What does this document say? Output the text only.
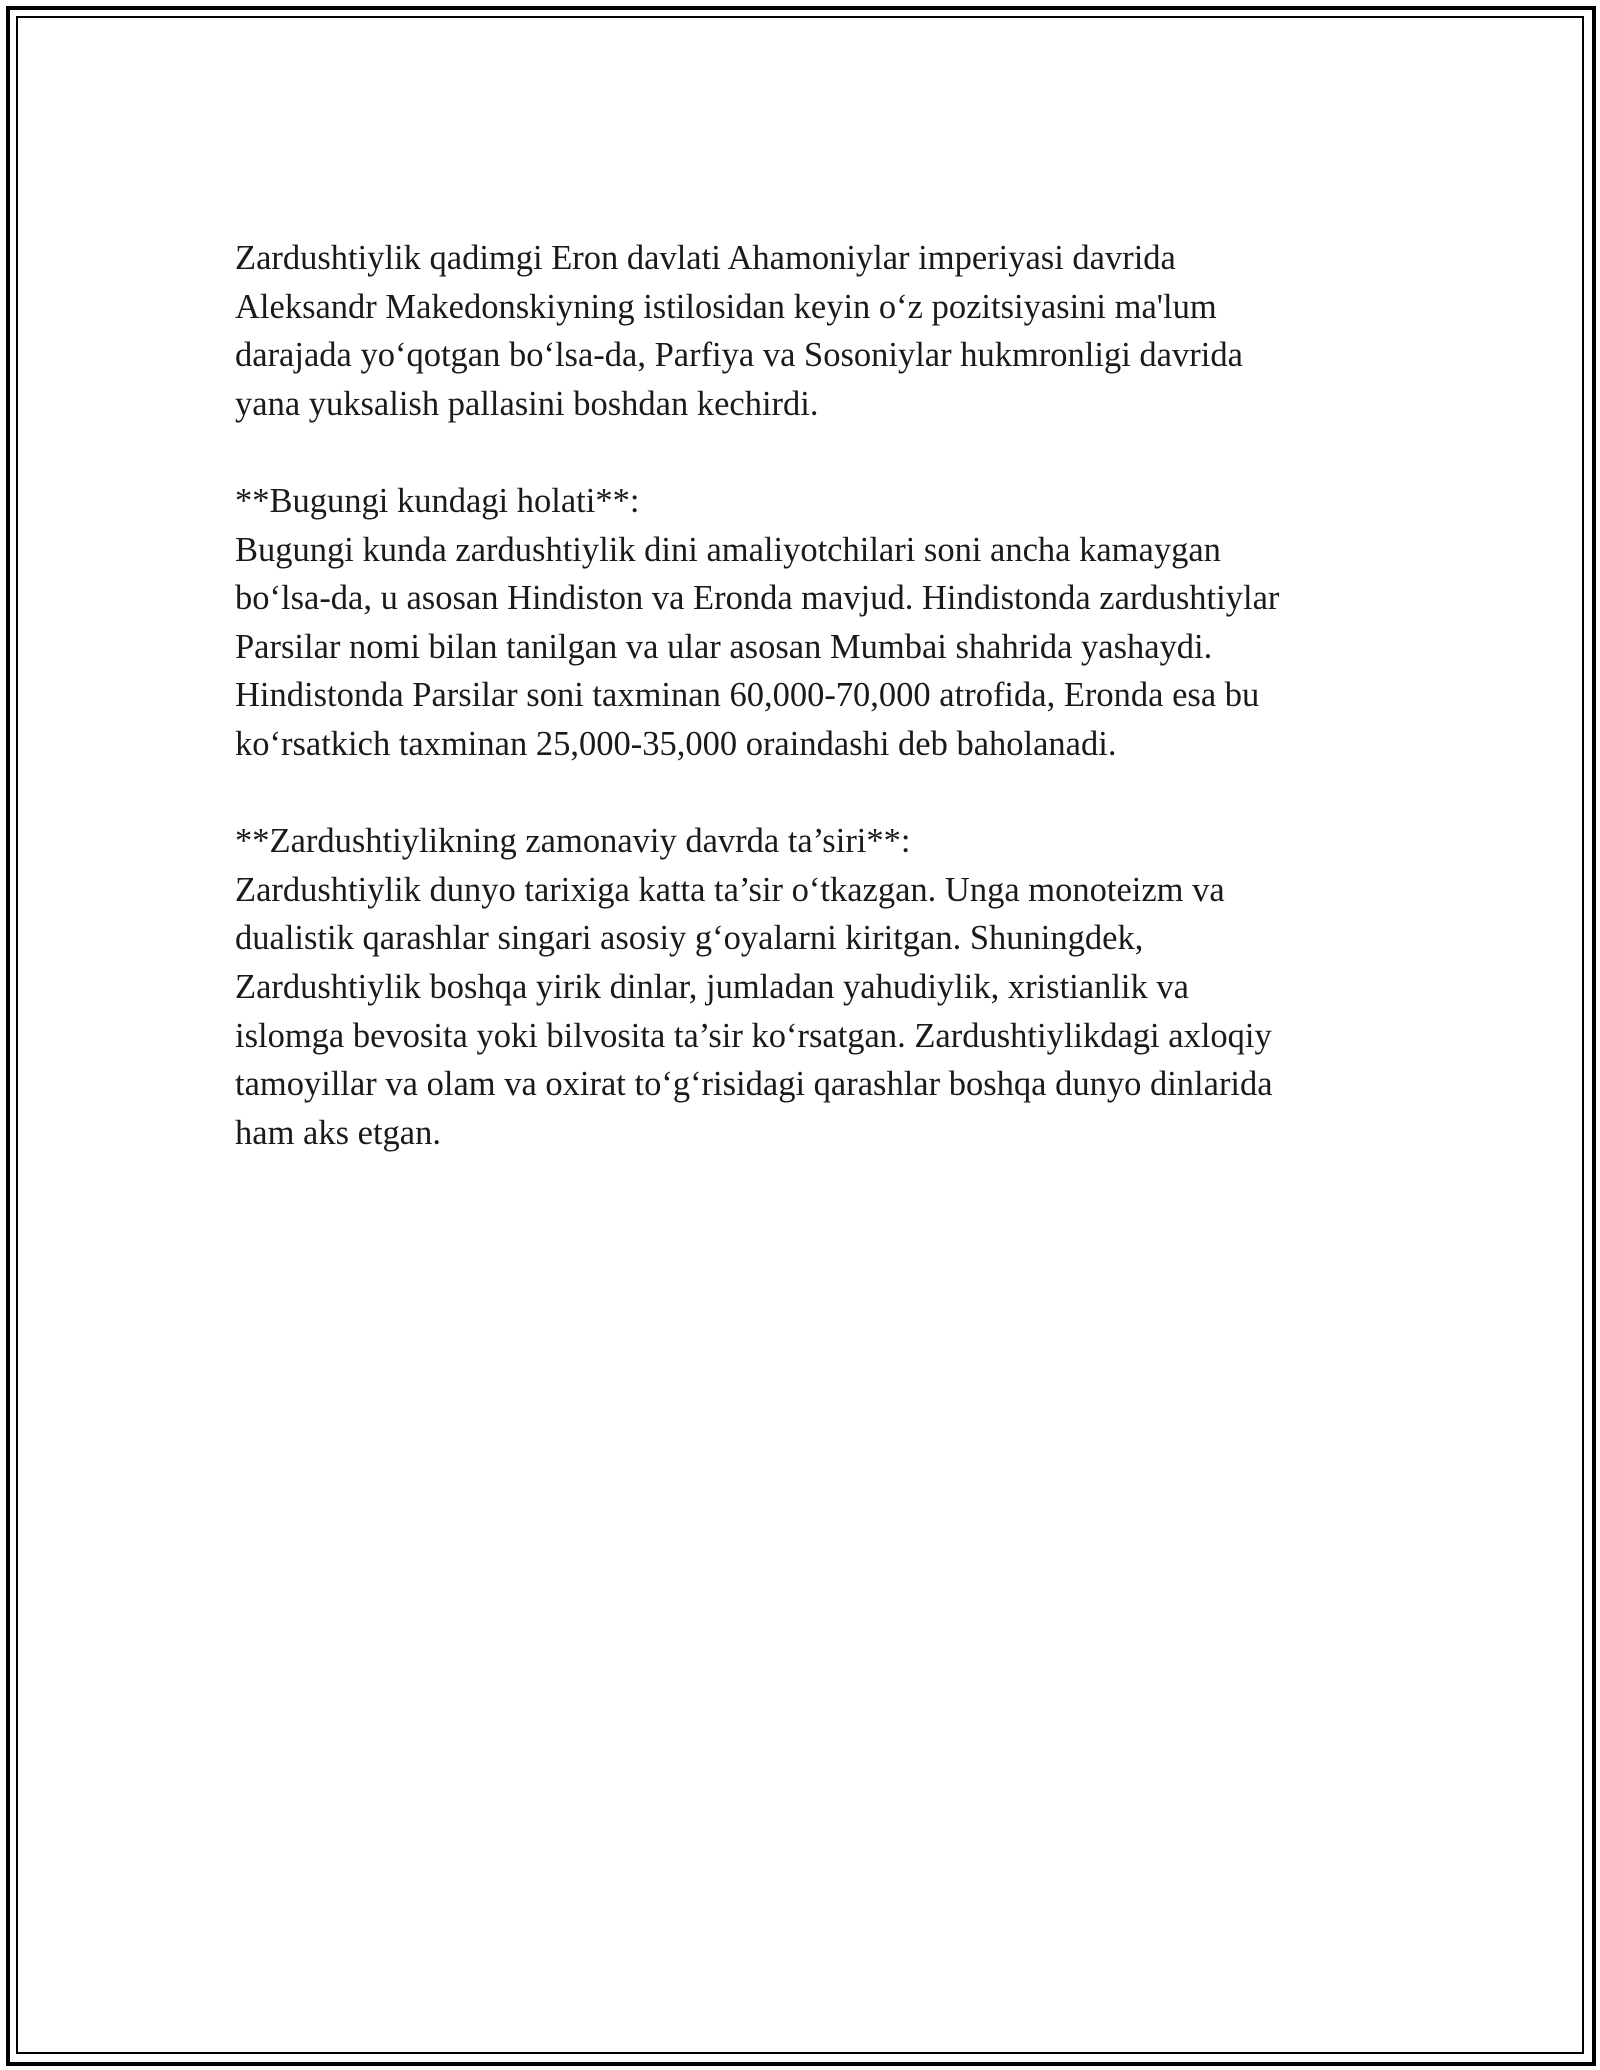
Zardushtiylik qadimgi Eron davlati Ahamoniylar imperiyasi davrida
Aleksandr Makedonskiyning istilosidan keyin o‘z pozitsiyasini ma'lum
darajada yo‘qotgan bo‘lsa-da, Parfiya va Sosoniylar hukmronligi davrida
yana yuksalish pallasini boshdan kechirdi.
**Bugungi kundagi holati**:
Bugungi kunda zardushtiylik dini amaliyotchilari soni ancha kamaygan
bo‘lsa-da, u asosan Hindiston va Eronda mavjud. Hindistonda zardushtiylar
Parsilar nomi bilan tanilgan va ular asosan Mumbai shahrida yashaydi.
Hindistonda Parsilar soni taxminan 60,000-70,000 atrofida, Eronda esa bu
ko‘rsatkich taxminan 25,000-35,000 oraindashi deb baholanadi.
**Zardushtiylikning zamonaviy davrda ta’siri**:
Zardushtiylik dunyo tarixiga katta ta’sir o‘tkazgan. Unga monoteizm va
dualistik qarashlar singari asosiy g‘oyalarni kiritgan. Shuningdek,
Zardushtiylik boshqa yirik dinlar, jumladan yahudiylik, xristianlik va
islomga bevosita yoki bilvosita ta’sir ko‘rsatgan. Zardushtiylikdagi axloqiy
tamoyillar va olam va oxirat to‘g‘risidagi qarashlar boshqa dunyo dinlarida
ham aks etgan.
